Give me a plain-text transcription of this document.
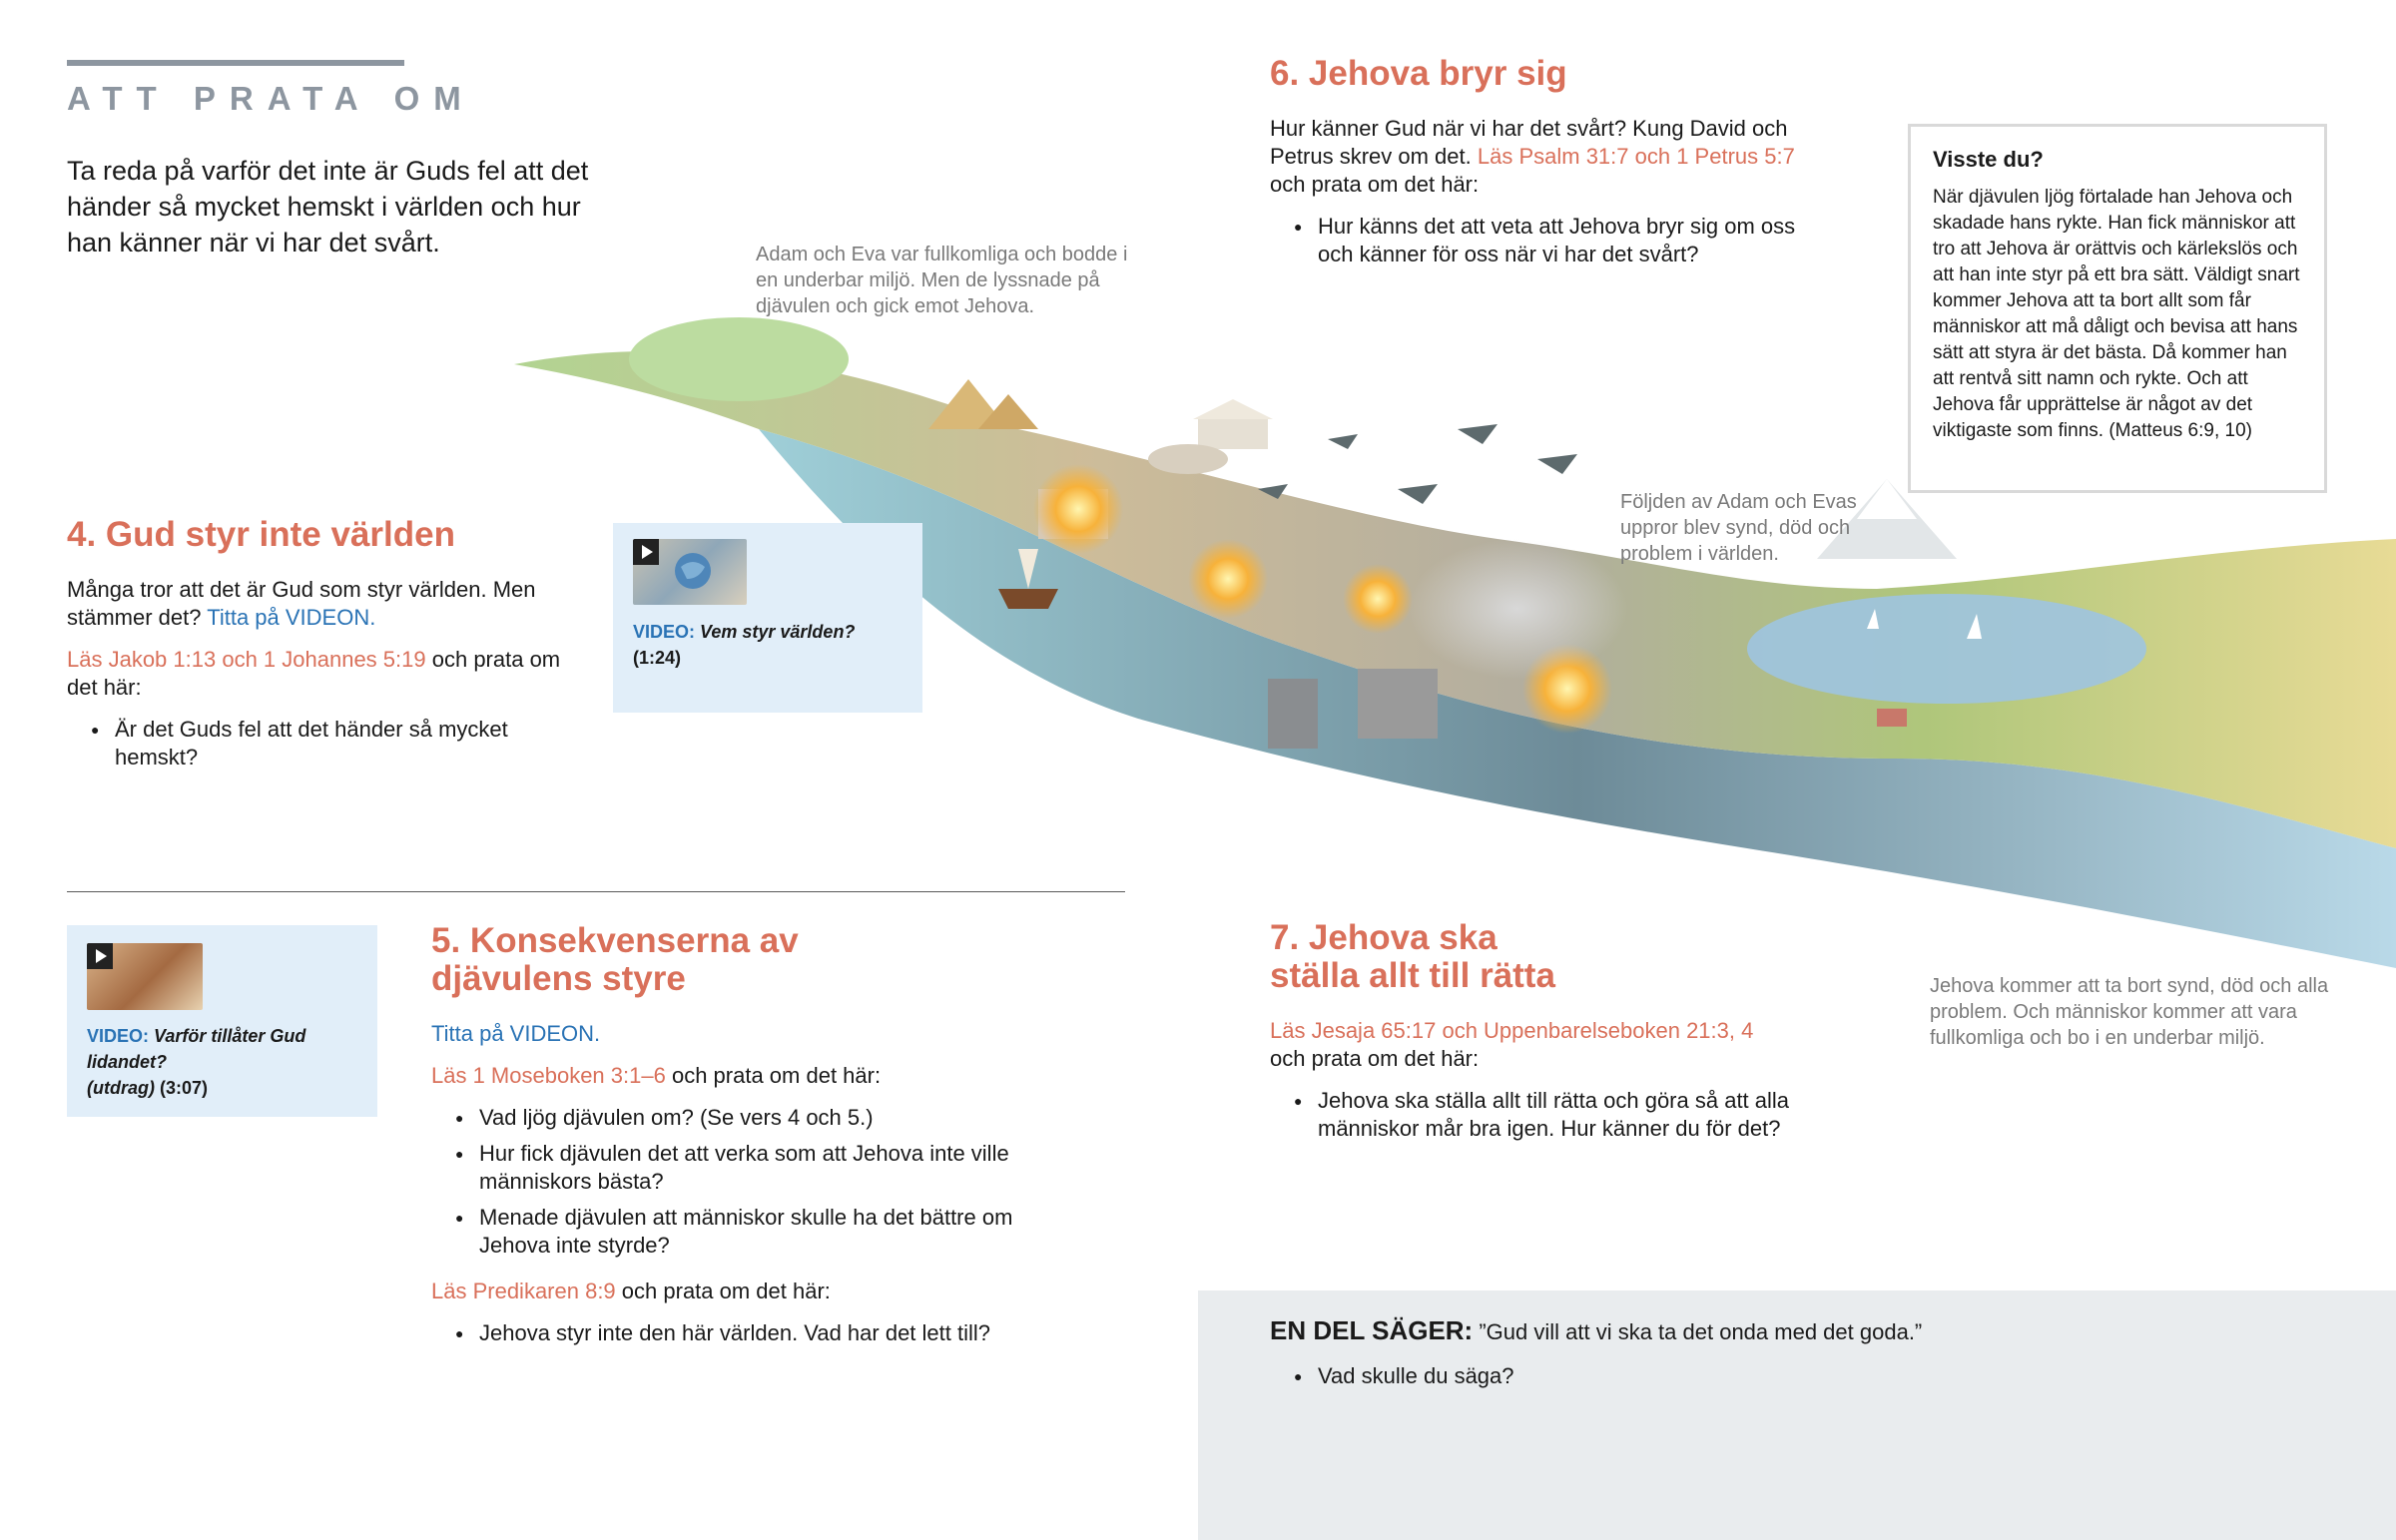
ATT PRATA OM

Ta reda på varför det inte är Guds fel att det händer så mycket hemskt i världen och hur han känner när vi har det svårt.	Adam och Eva var fullkomliga och bodde i en underbar miljö. Men de lyssnade på djävulen och gick emot Jehova.
Följden av Adam och Evas uppror blev synd, död och problem i världen.
Jehova kommer att ta bort synd, död och alla problem. Och människor kommer att vara fullkomliga och bo i en underbar miljö.
4. Gud styr inte världen

Många tror att det är Gud som styr världen. Men stämmer det? Titta på VIDEON.

Läs Jakob 1:13 och 1 Johannes 5:19 och prata om det här:

● Är det Guds fel att det händer så mycket hemskt?
VIDEO: Vem styr världen?
(1:24)
VIDEO: Varför tillåter Gud lidandet?
(utdrag) (3:07)
5. Konsekvenserna av
djävulens styre

Titta på VIDEON.

Läs 1 Moseboken 3:1–6 och prata om det här:

● Vad ljög djävulen om? (Se vers 4 och 5.)
● Hur fick djävulen det att verka som att Jehova inte ville människors bästa?
● Menade djävulen att människor skulle ha det bättre om Jehova inte styrde?

Läs Predikaren 8:9 och prata om det här:

● Jehova styr inte den här världen. Vad har det lett till?
6. Jehova bryr sig

Hur känner Gud när vi har det svårt? Kung David och Petrus skrev om det. Läs Psalm 31:7 och 1 Petrus 5:7 och prata om det här:

● Hur känns det att veta att Jehova bryr sig om oss och känner för oss när vi har det svårt?
Visste du?
När djävulen ljög förtalade han Jehova och skadade hans rykte. Han fick människor att tro att Jehova är orättvis och kärlekslös och att han inte styr på ett bra sätt. Väldigt snart kommer Jehova att ta bort allt som får människor att må dåligt och bevisa att hans sätt att styra är det bästa. Då kommer han att rentvå sitt namn och rykte. Och att Jehova får upprättelse är något av det viktigaste som finns. (Matteus 6:9, 10)
7. Jehova ska
ställa allt till rätta

Läs Jesaja 65:17 och Uppenbarelseboken 21:3, 4
och prata om det här:

● Jehova ska ställa allt till rätta och göra så att alla människor mår bra igen. Hur känner du för det?
EN DEL SÄGER: ”Gud vill att vi ska ta det onda med det goda.”
● Vad skulle du säga?
